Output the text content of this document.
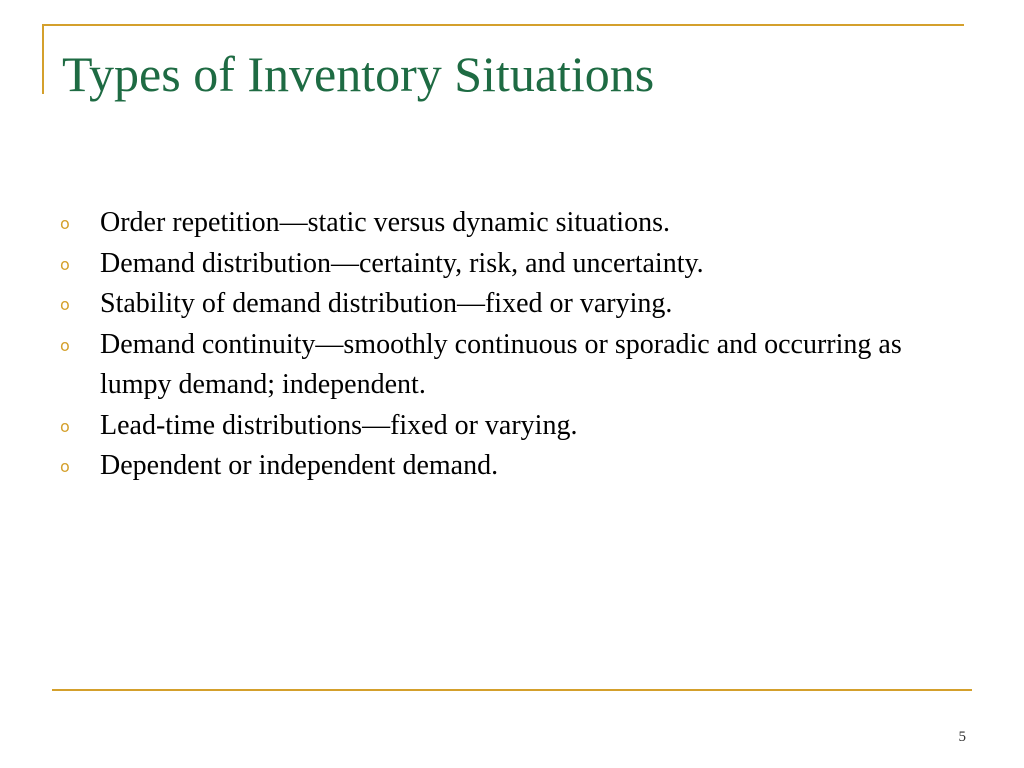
Types of Inventory Situations
o Order repetition—static versus dynamic situations.
o Demand distribution—certainty, risk, and uncertainty.
o Stability of demand distribution—fixed or varying.
o Demand continuity—smoothly continuous or sporadic and occurring as lumpy demand; independent.
o Lead-time distributions—fixed or varying.
o Dependent or independent demand.
5
